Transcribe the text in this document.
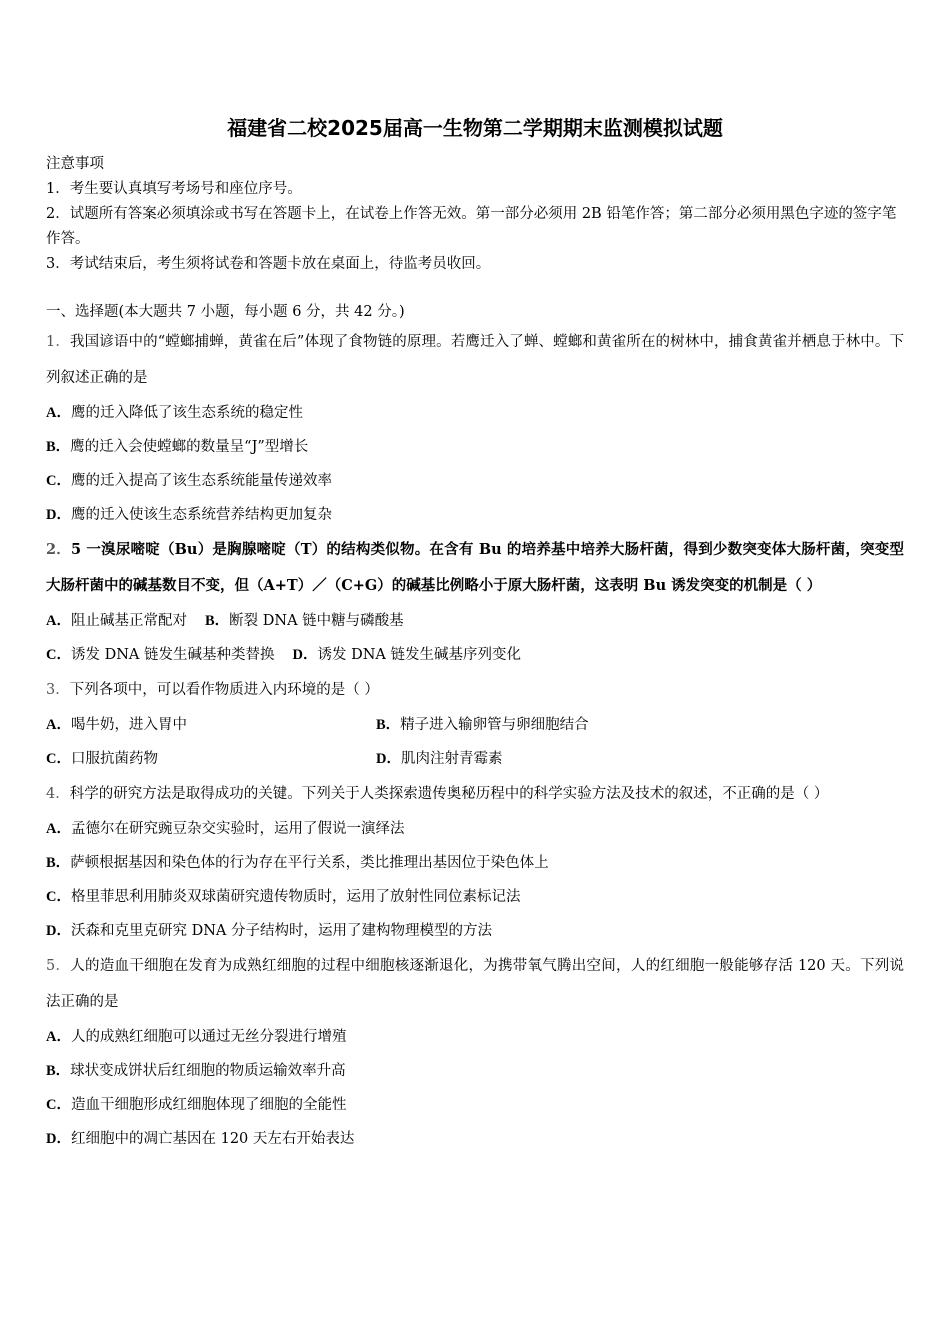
福建省二校2025届高一生物第二学期期末监测模拟试题

注意事项

1．考生要认真填写考场号和座位序号。

2．试题所有答案必须填涂或书写在答题卡上，在试卷上作答无效。第一部分必须用 2B 铅笔作答；第二部分必须用黑色字迹的签字笔作答。

3．考试结束后，考生须将试卷和答题卡放在桌面上，待监考员收回。

一、选择题(本大题共 7 小题，每小题 6 分，共 42 分。)

1．我国谚语中的“螳螂捕蝉，黄雀在后”体现了食物链的原理。若鹰迁入了蝉、螳螂和黄雀所在的树林中，捕食黄雀并栖息于林中。下列叙述正确的是

A．鹰的迁入降低了该生态系统的稳定性

B．鹰的迁入会使螳螂的数量呈“J”型增长

C．鹰的迁入提高了该生态系统能量传递效率

D．鹰的迁入使该生态系统营养结构更加复杂

2．5 一溴尿嘧啶（Bu）是胸腺嘧啶（T）的结构类似物。在含有 Bu 的培养基中培养大肠杆菌，得到少数突变体大肠杆菌，突变型大肠杆菌中的碱基数目不变，但（A+T）／（C+G）的碱基比例略小于原大肠杆菌，这表明 Bu 诱发突变的机制是（ ）

A．阻止碱基正常配对 B．断裂 DNA 链中糖与磷酸基
C．诱发 DNA 链发生碱基种类替换 D．诱发 DNA 链发生碱基序列变化

3．下列各项中，可以看作物质进入内环境的是（ ）

A．喝牛奶，进入胃中	B．精子进入输卵管与卵细胞结合
C．口服抗菌药物	D．肌肉注射青霉素

4．科学的研究方法是取得成功的关键。下列关于人类探索遗传奥秘历程中的科学实验方法及技术的叙述，不正确的是（ ）

A．孟德尔在研究豌豆杂交实验时，运用了假说一演绎法

B．萨顿根据基因和染色体的行为存在平行关系，类比推理出基因位于染色体上

C．格里菲思利用肺炎双球菌研究遗传物质时，运用了放射性同位素标记法

D．沃森和克里克研究 DNA 分子结构时，运用了建构物理模型的方法

5．人的造血干细胞在发育为成熟红细胞的过程中细胞核逐渐退化，为携带氧气腾出空间，人的红细胞一般能够存活 120 天。下列说法正确的是

A．人的成熟红细胞可以通过无丝分裂进行增殖

B．球状变成饼状后红细胞的物质运输效率升高

C．造血干细胞形成红细胞体现了细胞的全能性

D．红细胞中的凋亡基因在 120 天左右开始表达
